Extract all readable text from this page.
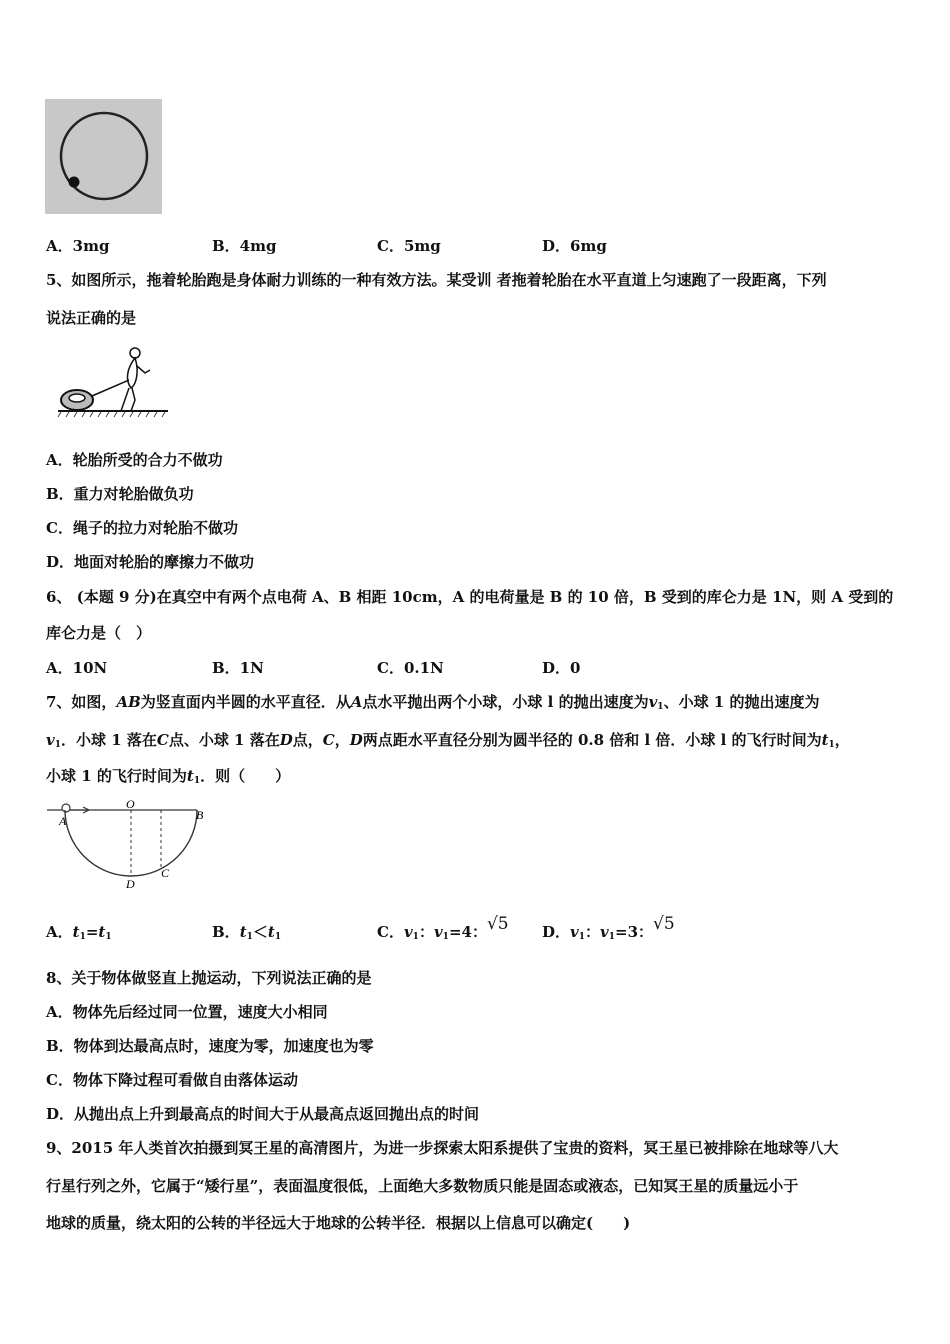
A．3mg	B．4mg	C．5mg	D．6mg
5、如图所示，拖着轮胎跑是身体耐力训练的一种有效方法。某受训 者拖着轮胎在水平直道上匀速跑了一段距离，下列
说法正确的是
A．轮胎所受的合力不做功
B．重力对轮胎做负功
C．绳子的拉力对轮胎不做功
D．地面对轮胎的摩擦力不做功
6、 (本题 9 分)在真空中有两个点电荷 A、B 相距 10cm，A 的电荷量是 B 的 10 倍，B 受到的库仑力是 1N，则 A 受到的
库仑力是（　）
A．10N	B．1N	C．0.1N	D．0
7、如图，AB为竖直面内半圆的水平直径．从A点水平抛出两个小球，小球 l 的抛出速度为$v_1$、小球 1 的抛出速度为
$v_1$．小球 1 落在C点、小球 1 落在D点，C，D两点距水平直径分别为圆半径的 0.8 倍和 l 倍．小球 l 的飞行时间为$t_1$，
小球 1 的飞行时间为$t_1$．则（　　）
A
O
B
C
D
A．$t_1=t_1$	B．$t_1<t_1$	C．$v_1$：$v_1=4$：√5 D．$v_1$：$v_1=3$：√5
8、关于物体做竖直上抛运动，下列说法正确的是
A．物体先后经过同一位置，速度大小相同
B．物体到达最高点时，速度为零，加速度也为零
C．物体下降过程可看做自由落体运动
D．从抛出点上升到最高点的时间大于从最高点返回抛出点的时间
9、2015 年人类首次拍摄到冥王星的高清图片，为进一步探索太阳系提供了宝贵的资料，冥王星已被排除在地球等八大
行星行列之外，它属于“矮行星”，表面温度很低，上面绝大多数物质只能是固态或液态，已知冥王星的质量远小于
地球的质量，绕太阳的公转的半径远大于地球的公转半径．根据以上信息可以确定(　　)
